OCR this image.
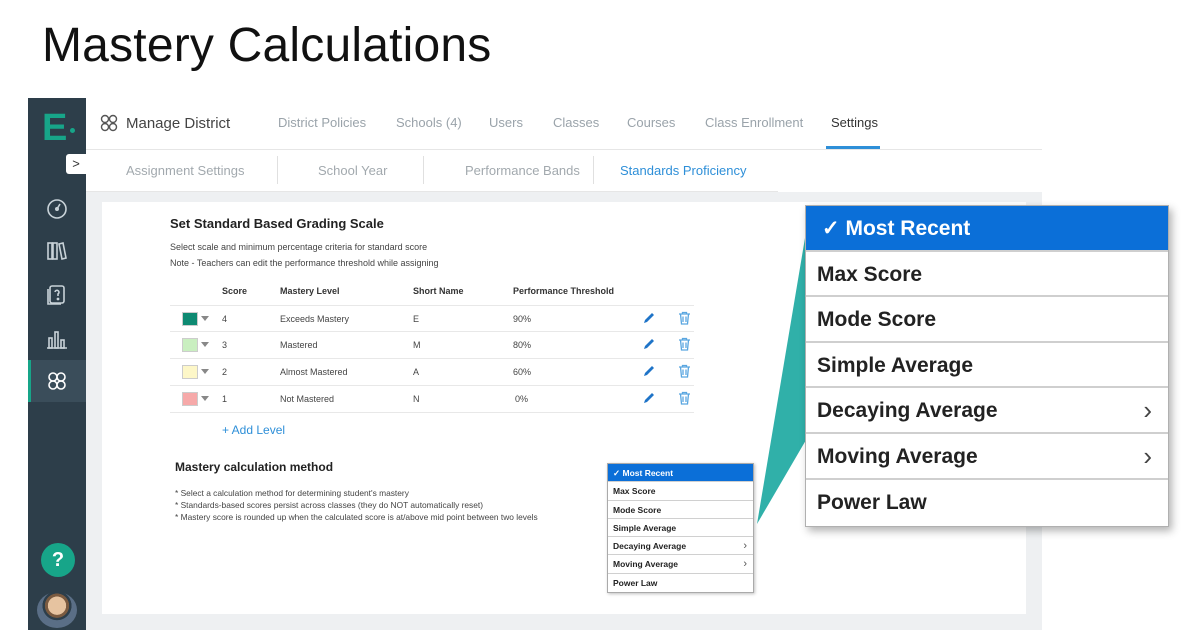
Mastery Calculations
E
>
?
Manage District	District Policies Schools (4) Users Classes Courses Class Enrollment Settings
Assignment Settings	School Year	Performance Bands	Standards Proficiency
Set Standard Based Grading Scale
Select scale and minimum percentage criteria for standard score
Note - Teachers can edit the performance threshold while assigning
Score	Mastery Level	Short Name	Performance Threshold
4	Exceeds Mastery	E	90%
3	Mastered	M	80%
2	Almost Mastered	A	60%
1	Not Mastered	N	0%
+ Add Level
Mastery calculation method
* Select a calculation method for determining student's mastery
* Standards-based scores persist across classes (they do NOT automatically reset)
* Mastery score is rounded up when the calculated score is at/above mid point between two levels
✓ Most Recent
Max Score
Mode Score
Simple Average
Decaying Average	›
Moving Average	›
Power Law
✓ Most Recent
Max Score
Mode Score
Simple Average
Decaying Average	›
Moving Average	›
Power Law
